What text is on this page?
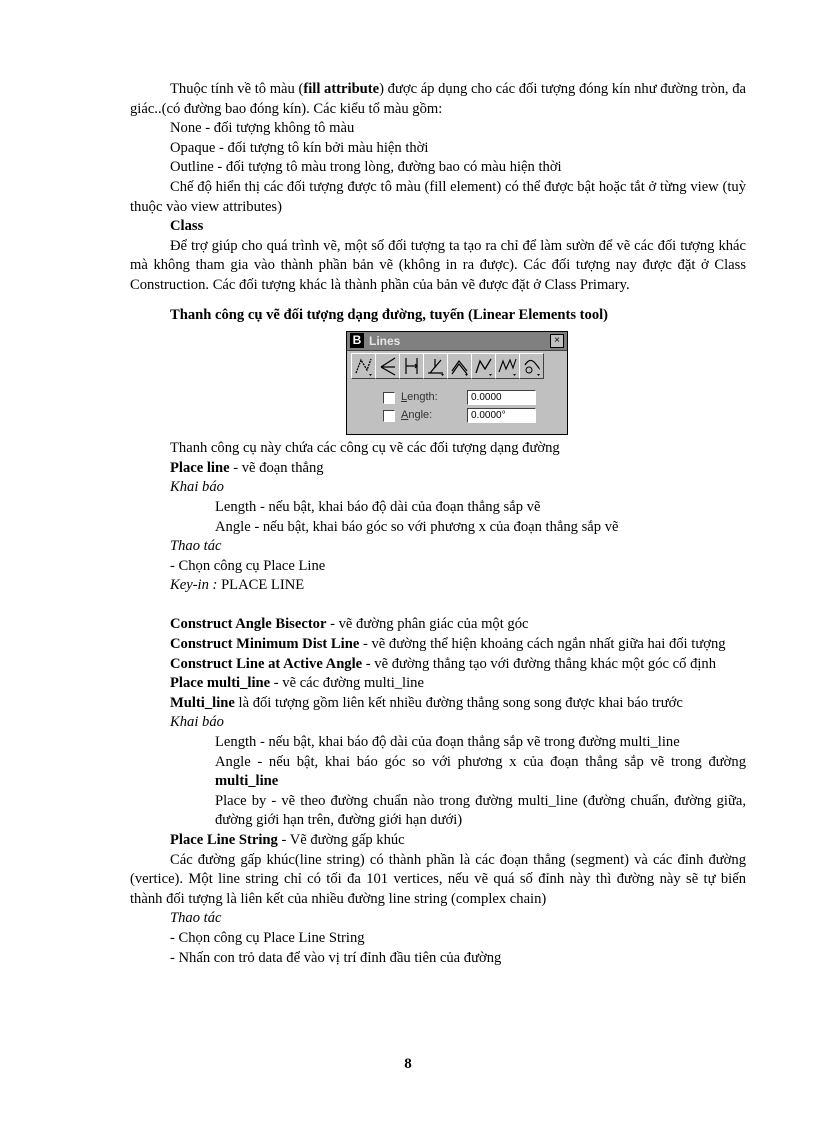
Thuộc tính về tô màu (fill attribute) được áp dụng cho các đối tượng đóng kín như đường tròn, đa giác..(có đường bao đóng kín). Các kiểu tổ màu gồm:
None - đối tượng không tô màu
Opaque - đối tượng tô kín bởi màu hiện thời
Outline - đối tượng tô màu trong lòng, đường bao có màu hiện thời
Chế độ hiển thị các đối tượng được tô màu (fill element) có thể được bật hoặc tắt ở từng view (tuỳ thuộc vào view attributes)
Class
Để trợ giúp cho quá trình vẽ, một số đối tượng ta tạo ra chỉ để làm sườn để vẽ các đối tượng khác mà không tham gia vào thành phần bản vẽ (không in ra được). Các đối tượng nay được đặt ở Class Construction. Các đối tượng khác là thành phần của bản vẽ được đặt ở Class Primary.
Thanh công cụ vẽ đối tượng dạng đường, tuyến (Linear Elements tool)
B Lines	×
Length:	0.0000
Angle:	0.0000°
Thanh công cụ này chứa các công cụ vẽ các đối tượng dạng đường
Place line - vẽ đoạn thẳng
Khai báo
Length - nếu bật, khai báo độ dài của đoạn thẳng sắp vẽ
Angle - nếu bật, khai báo góc so với phương x của đoạn thẳng sắp vẽ
Thao tác
- Chọn công cụ Place Line
Key-in : PLACE LINE
Construct Angle Bisector - vẽ đường phân giác của một góc
Construct Minimum Dist Line - vẽ đường thể hiện khoảng cách ngắn nhất giữa hai đối tượng
Construct Line at Active Angle - vẽ đường thẳng tạo với đường thẳng khác một góc cố định
Place multi_line - vẽ các đường multi_line
Multi_line là đối tượng gồm liên kết nhiều đường thẳng song song được khai báo trước
Khai báo
Length - nếu bật, khai báo độ dài của đoạn thẳng sắp vẽ trong đường multi_line
Angle - nếu bật, khai báo góc so với phương x của đoạn thẳng sắp vẽ trong đường multi_line
Place by - vẽ theo đường chuẩn nào trong đường multi_line (đường chuẩn, đường giữa, đường giới hạn trên, đường giới hạn dưới)
Place Line String - Vẽ đường gấp khúc
Các đường gấp khúc(line string) có thành phần là các đoạn thẳng (segment) và các đỉnh đường (vertice). Một line string chỉ có tối đa 101 vertices, nếu vẽ quá số đỉnh này thì đường này sẽ tự biến thành đối tượng là liên kết của nhiều đường line string (complex chain)
Thao tác
- Chọn công cụ Place Line String
- Nhấn con trỏ data để vào vị trí đỉnh đầu tiên của đường
8
